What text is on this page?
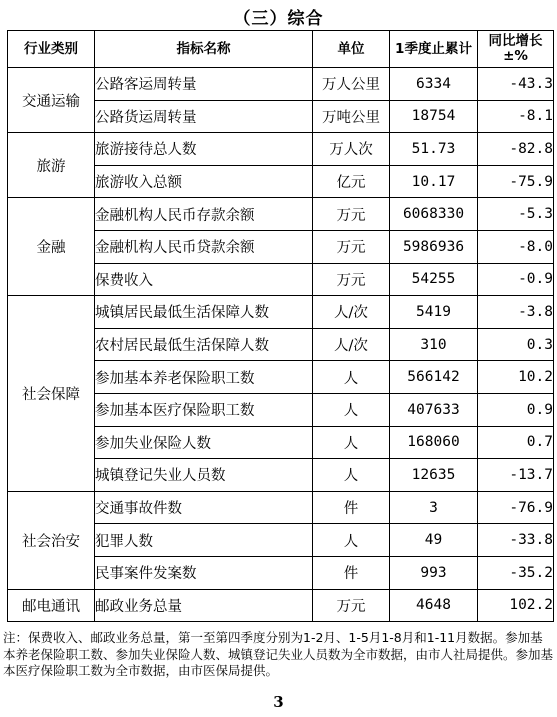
（三）综合
行业类别	指标名称	单位	1季度止累计	同比增长±%
交通运输	公路客运周转量	万人公里	6334	-43.3
	公路货运周转量	万吨公里	18754	-8.1
旅游	旅游接待总人数	万人次	51.73	-82.8
	旅游收入总额	亿元	10.17	-75.9
金融	金融机构人民币存款余额	万元	6068330	-5.3
	金融机构人民币贷款余额	万元	5986936	-8.0
	保费收入	万元	54255	-0.9
社会保障	城镇居民最低生活保障人数	人/次	5419	-3.8
	农村居民最低生活保障人数	人/次	310	0.3
	参加基本养老保险职工数	人	566142	10.2
	参加基本医疗保险职工数	人	407633	0.9
	参加失业保险人数	人	168060	0.7
	城镇登记失业人员数	人	12635	-13.7
社会治安	交通事故件数	件	3	-76.9
	犯罪人数	人	49	-33.8
	民事案件发案数	件	993	-35.2
邮电通讯	邮政业务总量	万元	4648	102.2
注：保费收入、邮政业务总量，第一至第四季度分别为1-2月、1-5月1-8月和1-11月数据。参加基本养老保险职工数、参加失业保险人数、城镇登记失业人员数为全市数据，由市人社局提供。参加基本医疗保险职工数为全市数据，由市医保局提供。
3
